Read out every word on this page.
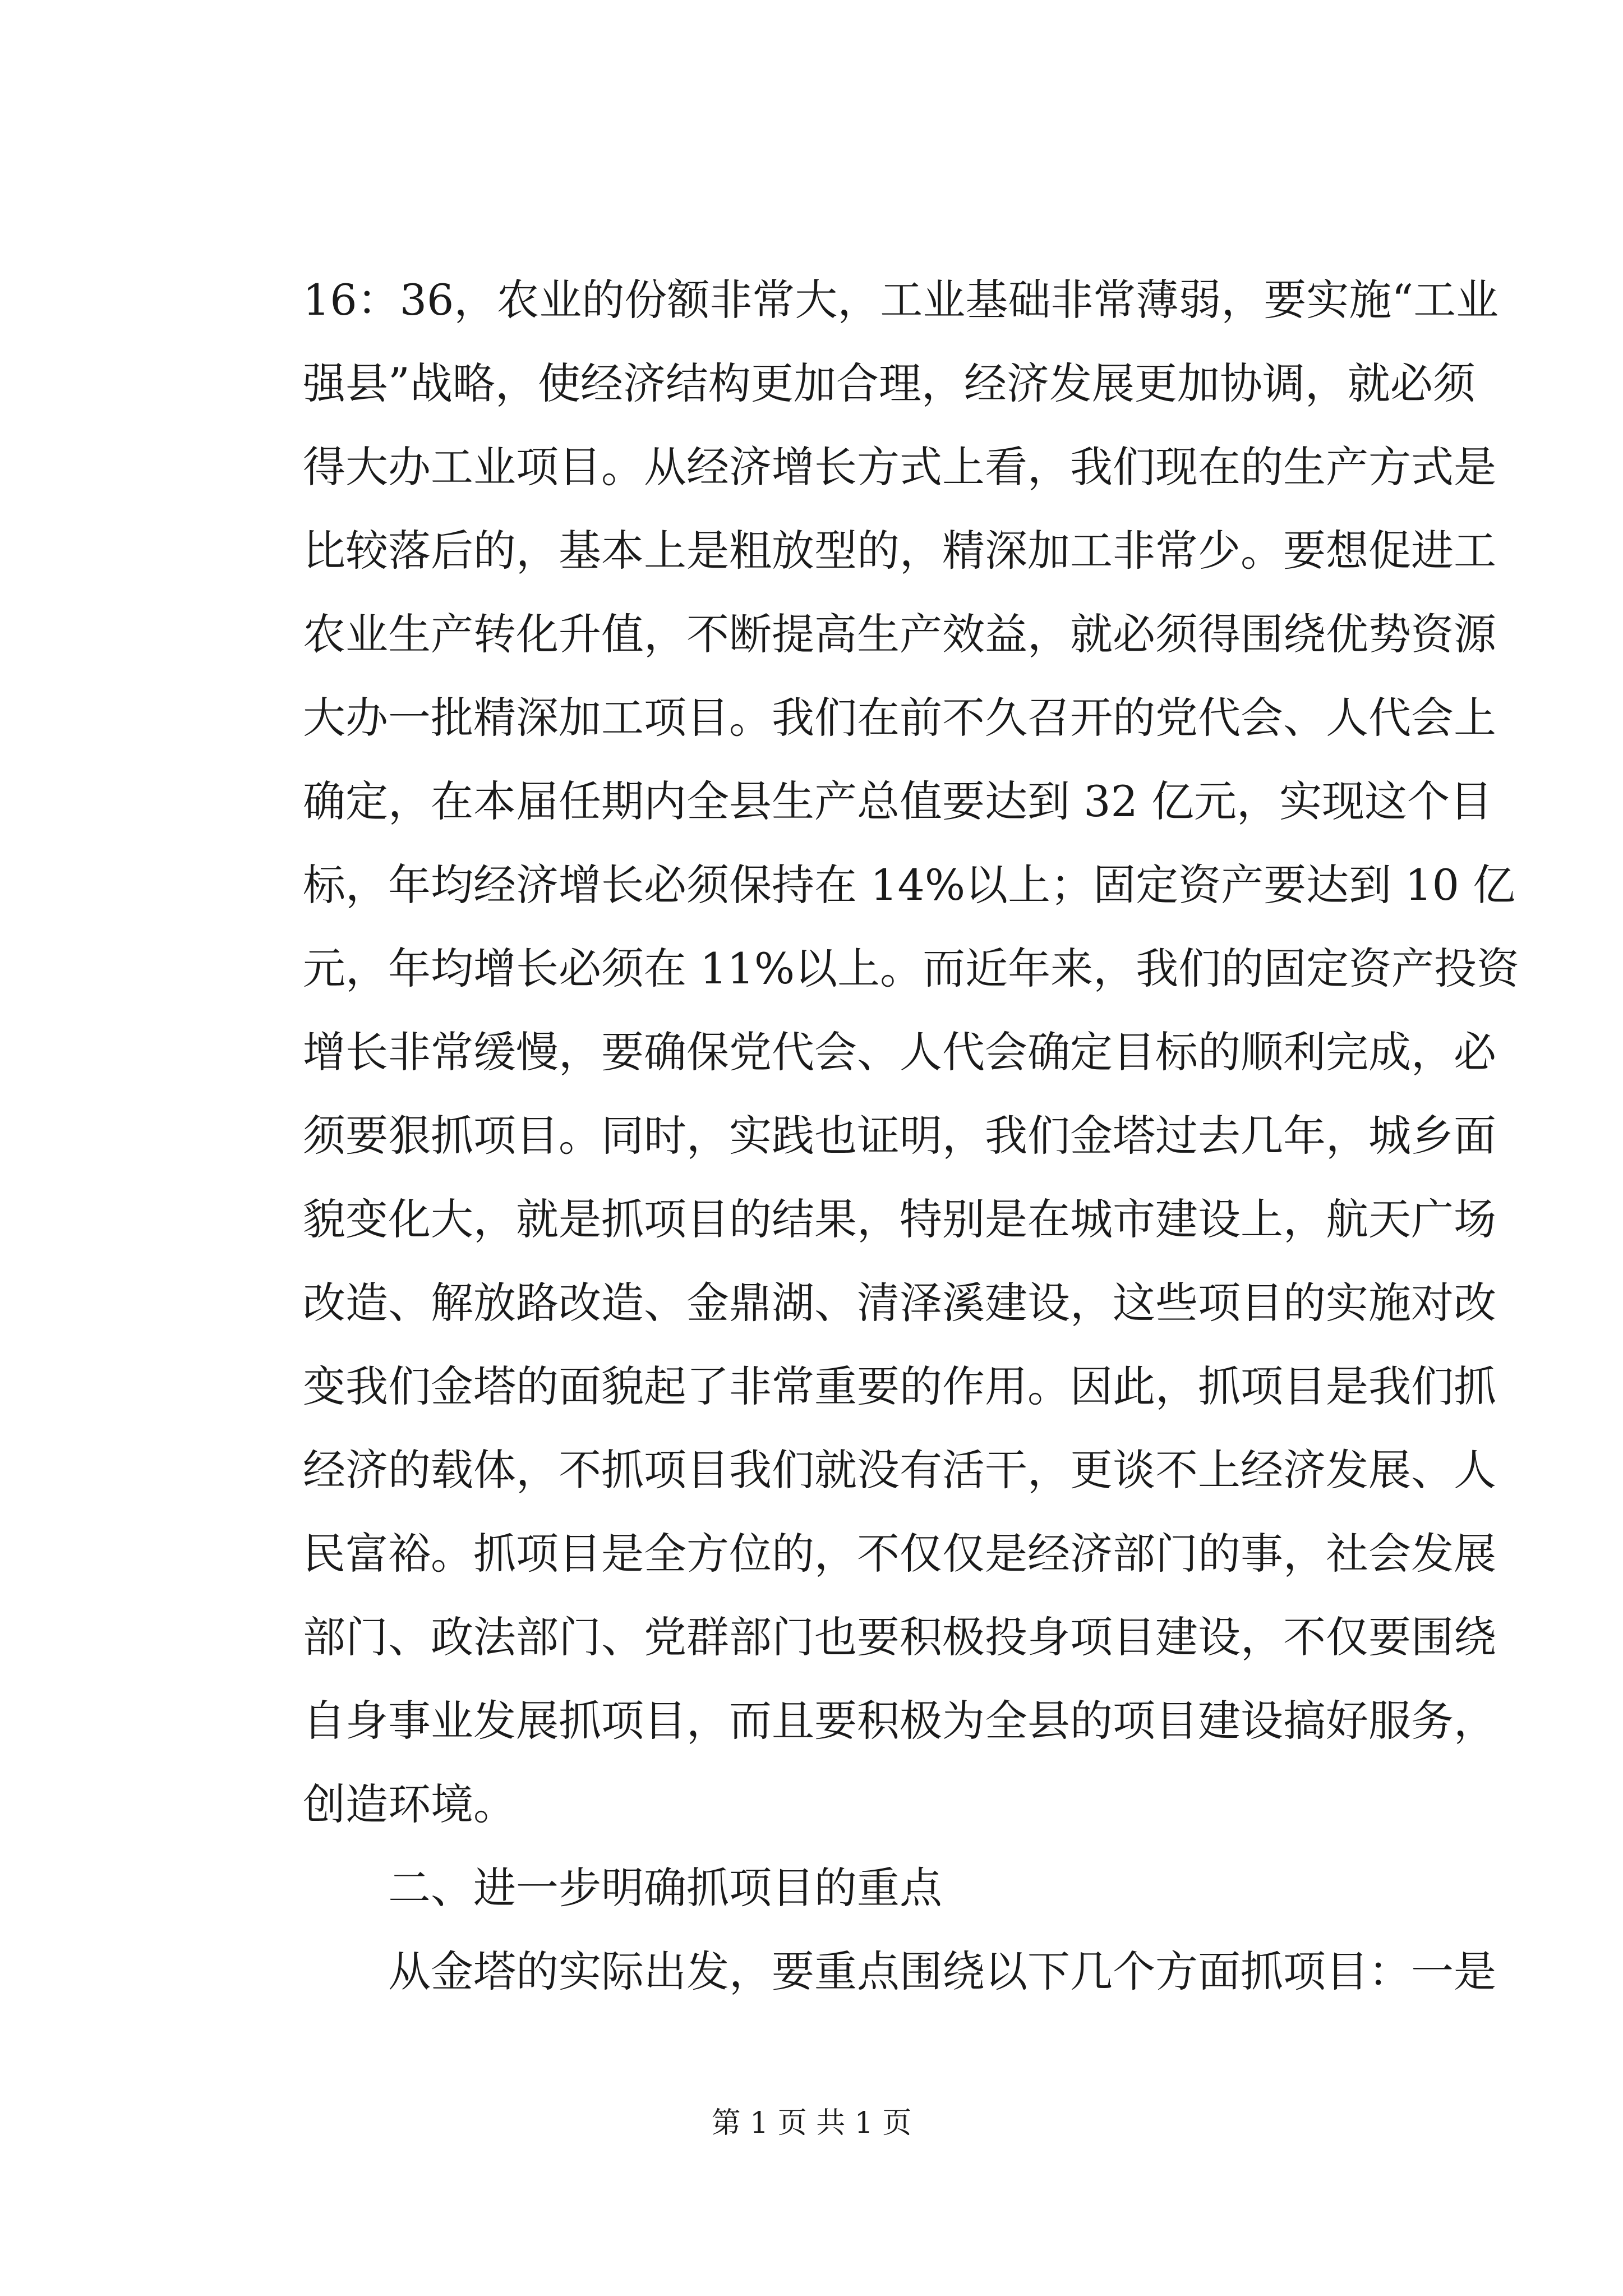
16：36，农业的份额非常大，工业基础非常薄弱，要实施“工业
强县”战略，使经济结构更加合理，经济发展更加协调，就必须
得大办工业项目。从经济增长方式上看，我们现在的生产方式是
比较落后的，基本上是粗放型的，精深加工非常少。要想促进工
农业生产转化升值，不断提高生产效益，就必须得围绕优势资源
大办一批精深加工项目。我们在前不久召开的党代会、人代会上
确定，在本届任期内全县生产总值要达到 32 亿元，实现这个目
标，年均经济增长必须保持在 14%以上；固定资产要达到 10 亿
元，年均增长必须在 11%以上。而近年来，我们的固定资产投资
增长非常缓慢，要确保党代会、人代会确定目标的顺利完成，必
须要狠抓项目。同时，实践也证明，我们金塔过去几年，城乡面
貌变化大，就是抓项目的结果，特别是在城市建设上，航天广场
改造、解放路改造、金鼎湖、清泽溪建设，这些项目的实施对改
变我们金塔的面貌起了非常重要的作用。因此，抓项目是我们抓
经济的载体，不抓项目我们就没有活干，更谈不上经济发展、人
民富裕。抓项目是全方位的，不仅仅是经济部门的事，社会发展
部门、政法部门、党群部门也要积极投身项目建设，不仅要围绕
自身事业发展抓项目，而且要积极为全县的项目建设搞好服务，
创造环境。
二、进一步明确抓项目的重点
从金塔的实际出发，要重点围绕以下几个方面抓项目：一是
第 1 页 共 1 页
